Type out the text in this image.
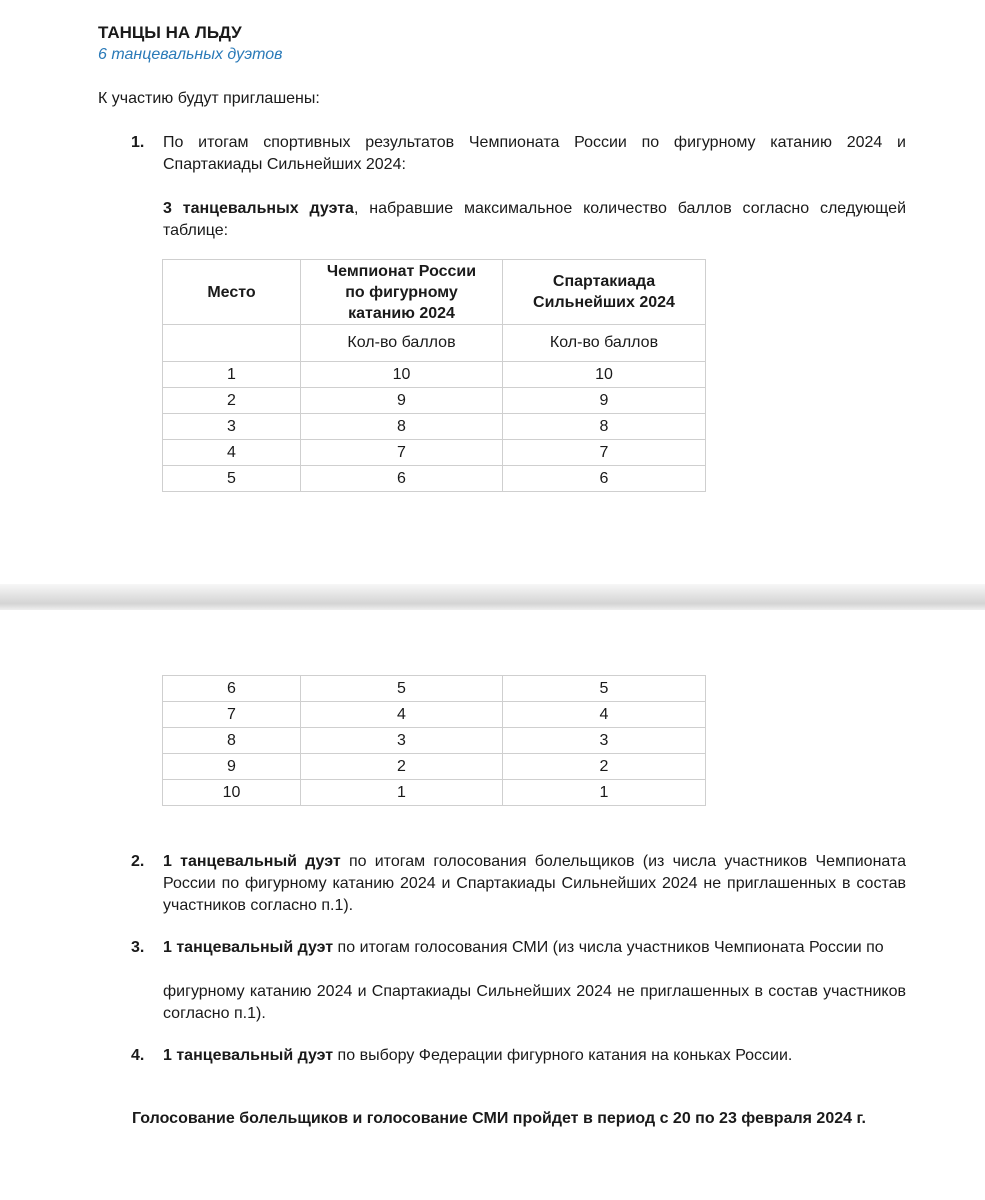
ТАНЦЫ НА ЛЬДУ
6 танцевальных дуэтов
К участию будут приглашены:
1. По итогам спортивных результатов Чемпионата России по фигурному катанию 2024 и Спартакиады Сильнейших 2024:
3 танцевальных дуэта, набравшие максимальное количество баллов согласно следующей таблице:
Место	Чемпионат России по фигурному катанию 2024	Спартакиада Сильнейших 2024

	Кол-во баллов	Кол-во баллов
1	10	10
2	9	9
3	8	8
4	7	7
5	6	6
6	5	5
7	4	4
8	3	3
9	2	2
10	1	1
2. 1 танцевальный дуэт по итогам голосования болельщиков (из числа участников Чемпионата России по фигурному катанию 2024 и Спартакиады Сильнейших 2024 не приглашенных в состав участников согласно п.1).
3. 1 танцевальный дуэт по итогам голосования СМИ (из числа участников Чемпионата России по
фигурному катанию 2024 и Спартакиады Сильнейших 2024 не приглашенных в состав участников согласно п.1).
4. 1 танцевальный дуэт по выбору Федерации фигурного катания на коньках России.
Голосование болельщиков и голосование СМИ пройдет в период с 20 по 23 февраля 2024 г.
